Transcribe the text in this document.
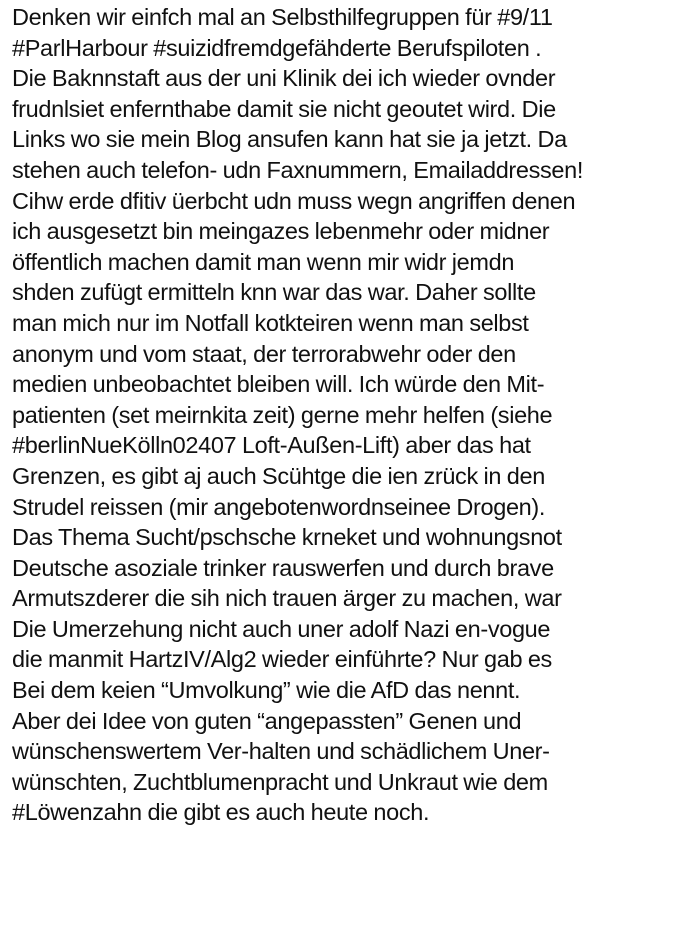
Denken wir einfch mal an Selbsthilfegruppen für #9/11
#ParlHarbour #suizidfremdgefähderte Berufspiloten .
Die Baknnstaft aus der uni Klinik dei ich wieder ovnder
frudnlsiet enfernthabe damit sie nicht geoutet wird. Die
Links wo sie mein Blog ansufen kann hat sie ja jetzt. Da
stehen auch telefon- udn Faxnummern, Emailaddressen!
Cihw erde dfitiv üerbcht udn muss wegn angriffen denen
ich ausgesetzt bin meingazes lebenmehr oder midner
öffentlich machen damit man wenn mir widr jemdn
shden zufügt ermitteln knn war das war. Daher sollte
man mich nur im Notfall kotkteiren wenn man selbst
anonym und vom staat, der terrorabwehr oder den
medien unbeobachtet bleiben will. Ich würde den Mit-
patienten (set meirnkita zeit) gerne mehr helfen (siehe
#berlinNueKölln02407 Loft-Außen-Lift) aber das hat
Grenzen, es gibt aj auch Scühtge die ien zrück in den
Strudel reissen (mir angebotenwordnseinee Drogen).
Das Thema Sucht/pschsche krneket und wohnungsnot
Deutsche asoziale trinker rauswerfen und durch brave
Armutszderer die sih nich trauen ärger zu machen, war
Die Umerzehung nicht auch uner adolf Nazi en-vogue
die manmit HartzIV/Alg2 wieder einführte? Nur gab es
Bei dem keien “Umvolkung” wie die AfD das nennt.
Aber dei Idee von guten “angepassten” Genen und
wünschenswertem Ver-halten und schädlichem Uner-
wünschten, Zuchtblumenpracht und Unkraut wie dem
#Löwenzahn die gibt es auch heute noch.
